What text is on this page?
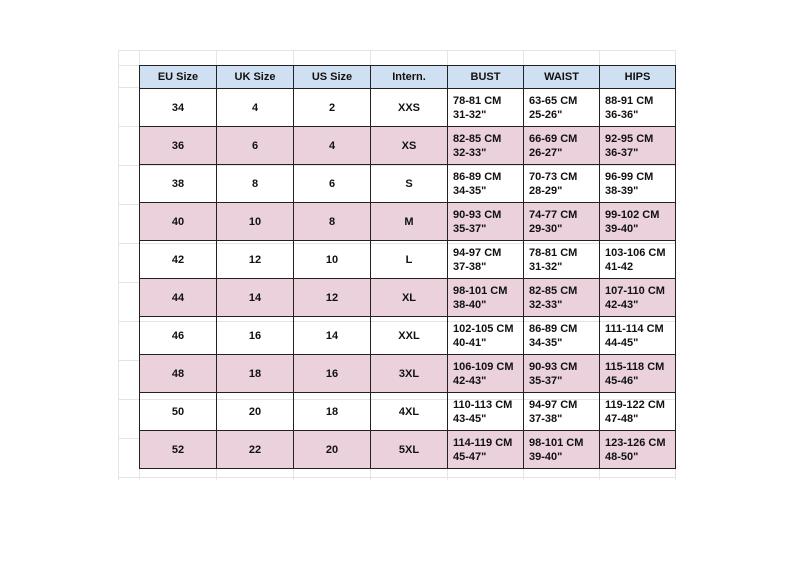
EU Size	UK Size	US Size	Intern.	BUST	WAIST	HIPS
34	4	2	XXS	78-81 CM 31-32"	63-65 CM 25-26"	88-91 CM 36-36"
36	6	4	XS	82-85 CM 32-33"	66-69 CM 26-27"	92-95 CM 36-37"
38	8	6	S	86-89 CM 34-35"	70-73 CM 28-29"	96-99 CM 38-39"
40	10	8	M	90-93 CM 35-37"	74-77 CM 29-30"	99-102 CM 39-40"
42	12	10	L	94-97 CM 37-38"	78-81 CM 31-32"	103-106 CM 41-42
44	14	12	XL	98-101 CM 38-40"	82-85 CM 32-33"	107-110 CM 42-43"
46	16	14	XXL	102-105 CM 40-41"	86-89 CM 34-35"	111-114 CM 44-45"
48	18	16	3XL	106-109 CM 42-43"	90-93 CM 35-37"	115-118 CM 45-46"
50	20	18	4XL	110-113 CM 43-45"	94-97 CM 37-38"	119-122 CM 47-48"
52	22	20	5XL	114-119 CM 45-47"	98-101 CM 39-40"	123-126 CM 48-50"
